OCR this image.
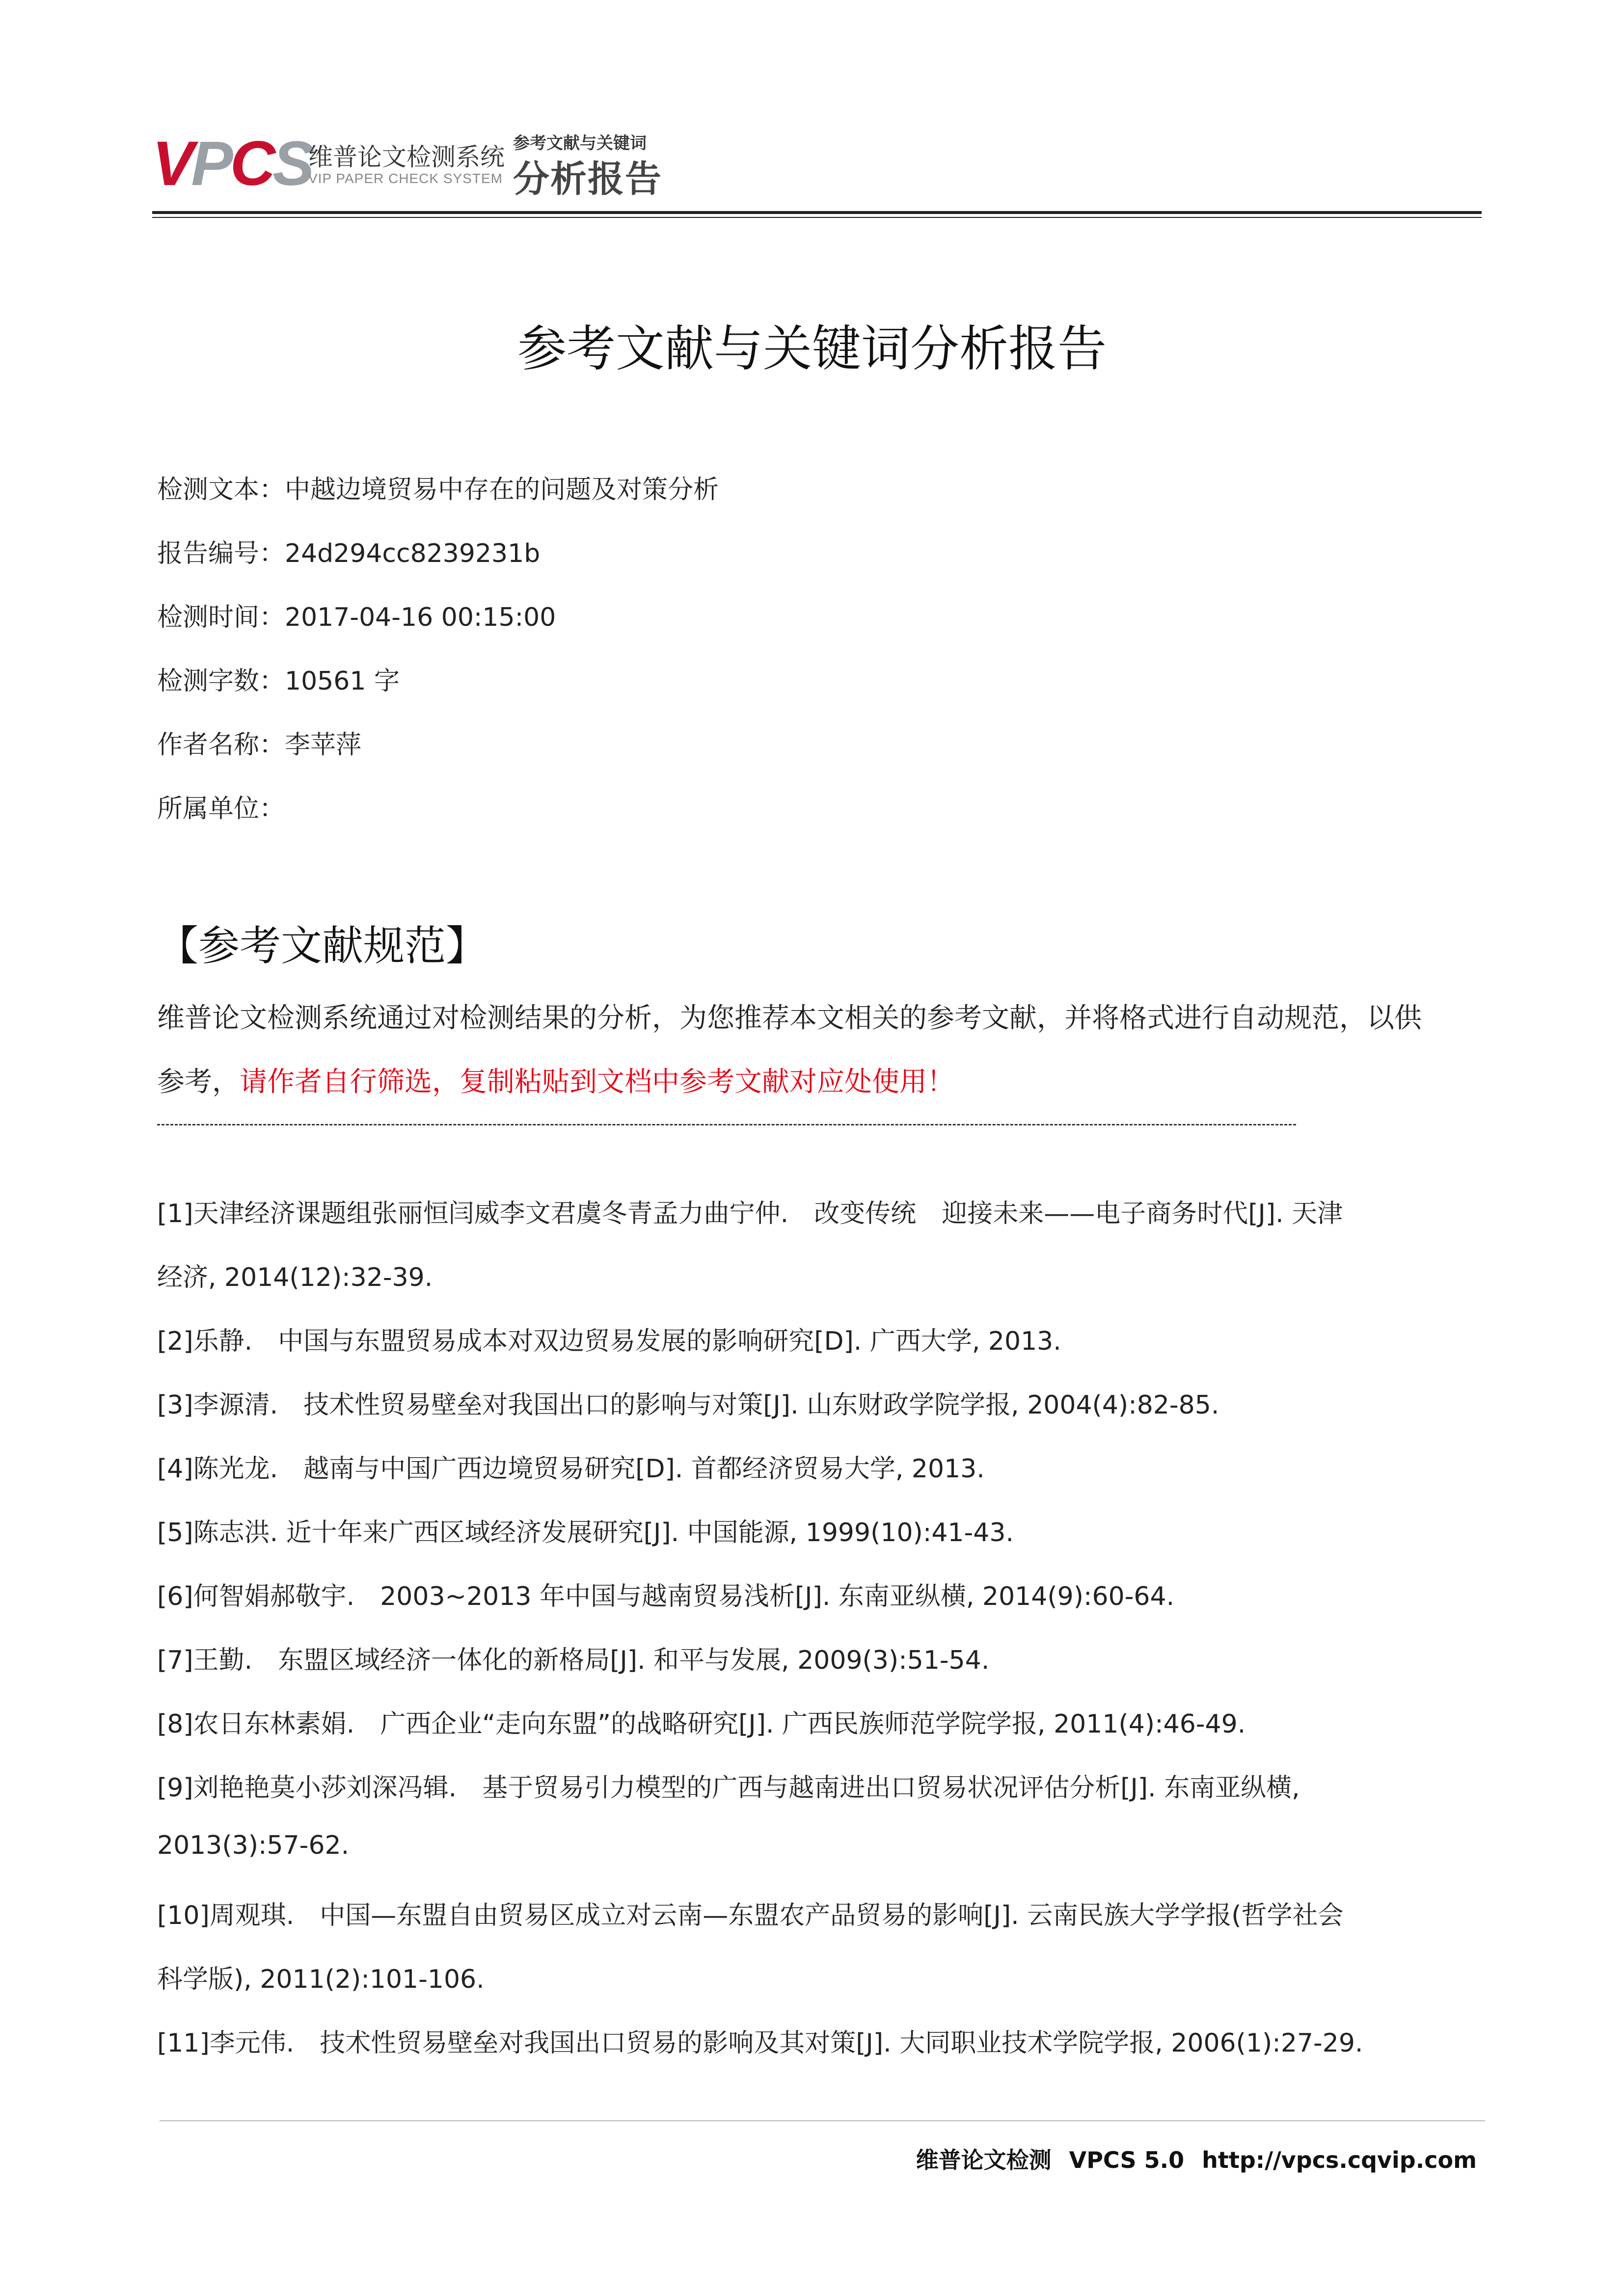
VPCS
维普论文检测系统
VIP PAPER CHECK SYSTEM
参考文献与关键词
分析报告
参考文献与关键词分析报告
检测文本：中越边境贸易中存在的问题及对策分析
报告编号：24d294cc8239231b
检测时间：2017-04-16 00:15:00
检测字数：10561 字
作者名称：李苹萍
所属单位：
【参考文献规范】
维普论文检测系统通过对检测结果的分析，为您推荐本文相关的参考文献，并将格式进行自动规范，以供
参考，请作者自行筛选，复制粘贴到文档中参考文献对应处使用！
[1]天津经济课题组张丽恒闫威李文君虞冬青孟力曲宁仲.　改变传统　迎接未来——电子商务时代[J]. 天津
经济, 2014(12):32-39.
[2]乐静.　中国与东盟贸易成本对双边贸易发展的影响研究[D]. 广西大学, 2013.
[3]李源清.　技术性贸易壁垒对我国出口的影响与对策[J]. 山东财政学院学报, 2004(4):82-85.
[4]陈光龙.　越南与中国广西边境贸易研究[D]. 首都经济贸易大学, 2013.
[5]陈志洪. 近十年来广西区域经济发展研究[J]. 中国能源, 1999(10):41-43.
[6]何智娟郝敬宇.　2003~2013 年中国与越南贸易浅析[J]. 东南亚纵横, 2014(9):60-64.
[7]王勤.　东盟区域经济一体化的新格局[J]. 和平与发展, 2009(3):51-54.
[8]农日东林素娟.　广西企业“走向东盟”的战略研究[J]. 广西民族师范学院学报, 2011(4):46-49.
[9]刘艳艳莫小莎刘深冯辑.　基于贸易引力模型的广西与越南进出口贸易状况评估分析[J]. 东南亚纵横,
2013(3):57-62.
[10]周观琪.　中国—东盟自由贸易区成立对云南—东盟农产品贸易的影响[J]. 云南民族大学学报(哲学社会
科学版), 2011(2):101-106.
[11]李元伟.　技术性贸易壁垒对我国出口贸易的影响及其对策[J]. 大同职业技术学院学报, 2006(1):27-29.
维普论文检测 VPCS 5.0 http://vpcs.cqvip.com
